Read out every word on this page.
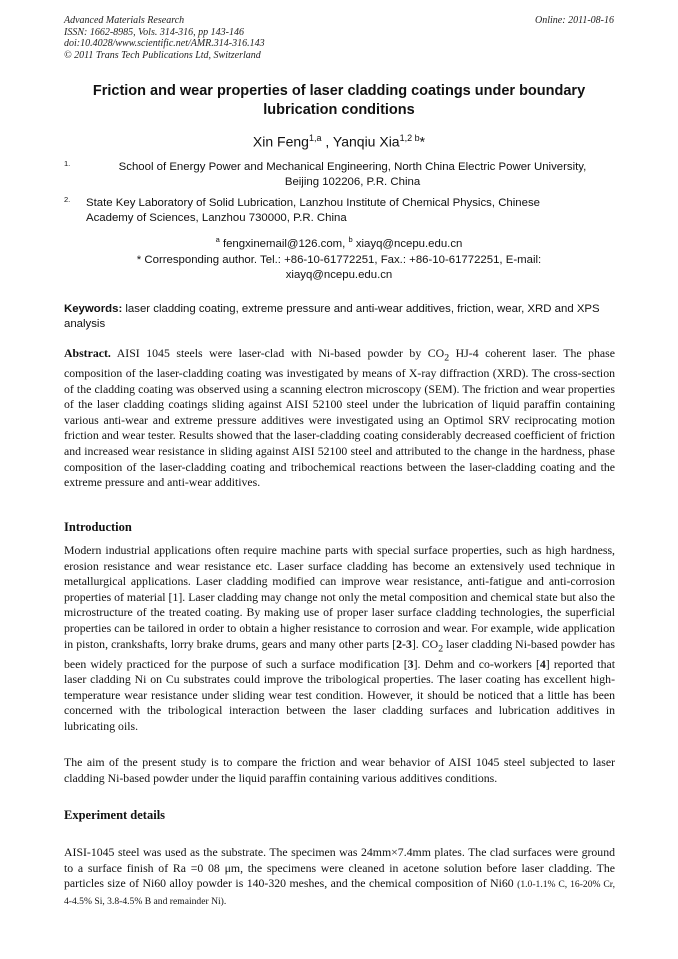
Advanced Materials Research
ISSN: 1662-8985, Vols. 314-316, pp 143-146
doi:10.4028/www.scientific.net/AMR.314-316.143
© 2011 Trans Tech Publications Ltd, Switzerland
Online: 2011-08-16
Friction and wear properties of laser cladding coatings under boundary
lubrication conditions
Xin Feng$^{1,a}$ , Yanqiu Xia$^{1,2 b}$*
1.	School of Energy Power and Mechanical Engineering, North China Electric Power University,
Beijing 102206, P.R. China
2. State Key Laboratory of Solid Lubrication, Lanzhou Institute of Chemical Physics, Chinese
Academy of Sciences, Lanzhou 730000, P.R. China
$^a$ fengxinemail@126.com, $^b$ xiayq@ncepu.edu.cn
* Corresponding author. Tel.: +86-10-61772251, Fax.: +86-10-61772251, E-mail:
xiayq@ncepu.edu.cn
Keywords: laser cladding coating, extreme pressure and anti-wear additives, friction, wear, XRD and XPS analysis

Abstract. AISI 1045 steels were laser-clad with Ni-based powder by $CO_2$ HJ-4 coherent laser. The phase composition of the laser-cladding coating was investigated by means of X-ray diffraction (XRD). The cross-section of the cladding coating was observed using a scanning electron microscopy (SEM). The friction and wear properties of the laser cladding coatings sliding against AISI 52100 steel under the lubrication of liquid paraffin containing various anti-wear and extreme pressure additives were investigated using an Optimol SRV reciprocating motion friction and wear tester. Results showed that the laser-cladding coating considerably decreased coefficient of friction and increased wear resistance in sliding against AISI 52100 steel and attributed to the change in the hardness, phase composition of the laser-cladding coating and tribochemical reactions between the laser-cladding coating and the extreme pressure and anti-wear additives.

Introduction

Modern industrial applications often require machine parts with special surface properties, such as high hardness, erosion resistance and wear resistance etc. Laser surface cladding has become an extensively used technique in metallurgical applications. Laser cladding modified can improve wear resistance, anti-fatigue and anti-corrosion properties of material [1]. Laser cladding may change not only the metal composition and chemical state but also the microstructure of the treated coating. By making use of proper laser surface cladding technologies, the superficial properties can be tailored in order to obtain a higher resistance to corrosion and wear. For example, wide application in piston, crankshafts, lorry brake drums, gears and many other parts [2-3]. $CO_2$ laser cladding Ni-based powder has been widely practiced for the purpose of such a surface modification [3]. Dehm and co-workers [4] reported that laser cladding Ni on Cu substrates could improve the tribological properties. The laser coating has excellent high-temperature wear resistance under sliding wear test condition. However, it should be noticed that a little has been concerned with the tribological interaction between the laser cladding surfaces and lubrication additives in lubricating oils.

The aim of the present study is to compare the friction and wear behavior of AISI 1045 steel subjected to laser cladding Ni-based powder under the liquid paraffin containing various additives conditions.

Experiment details

AISI-1045 steel was used as the substrate. The specimen was 24mm×7.4mm plates. The clad surfaces were ground to a surface finish of Ra =0 08 μm, the specimens were cleaned in acetone solution before laser cladding. The particles size of Ni60 alloy powder is 140-320 meshes, and the chemical composition of Ni60 (1.0-1.1% C, 16-20% Cr, 4-4.5% Si, 3.8-4.5% B and remainder Ni).
